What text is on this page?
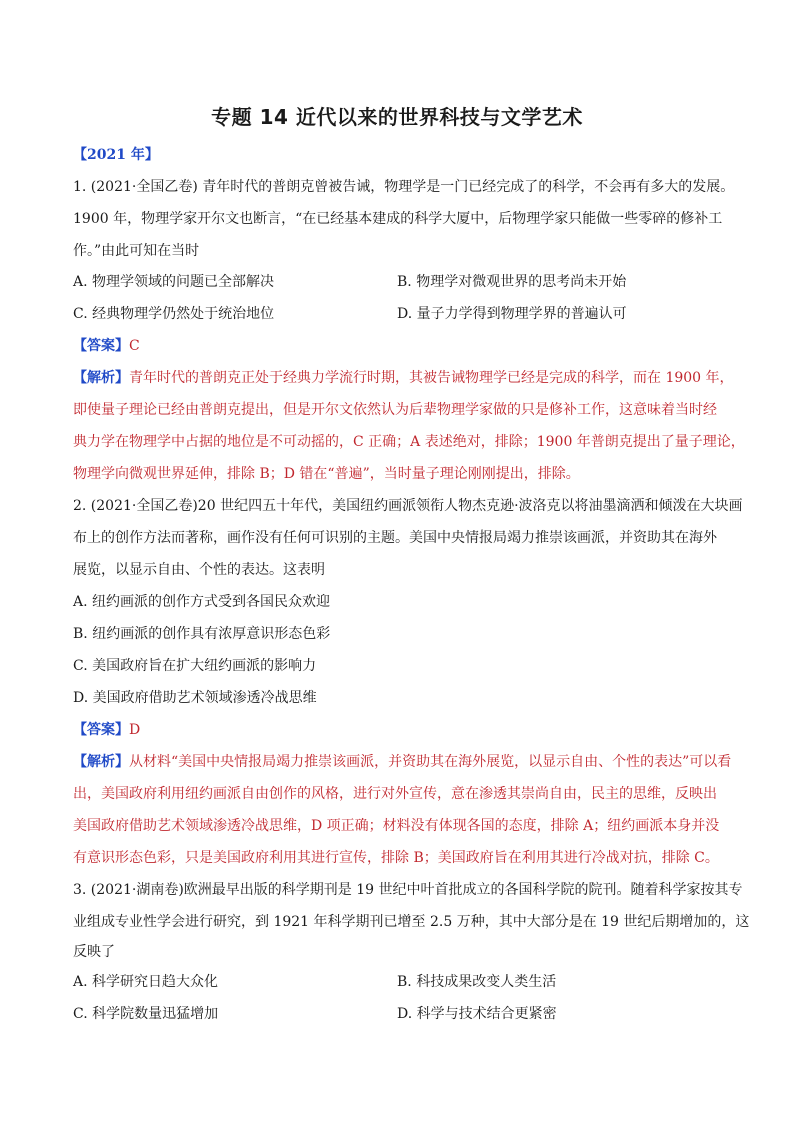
专题 14 近代以来的世界科技与文学艺术
【2021 年】
1. (2021·全国乙卷) 青年时代的普朗克曾被告诫，物理学是一门已经完成了的科学，不会再有多大的发展。
1900 年，物理学家开尔文也断言，“在已经基本建成的科学大厦中，后物理学家只能做一些零碎的修补工
作。”由此可知在当时
A. 物理学领域的问题已全部解决	B. 物理学对微观世界的思考尚未开始
C. 经典物理学仍然处于统治地位	D. 量子力学得到物理学界的普遍认可
【答案】C
【解析】青年时代的普朗克正处于经典力学流行时期，其被告诫物理学已经是完成的科学，而在 1900 年，
即使量子理论已经由普朗克提出，但是开尔文依然认为后辈物理学家做的只是修补工作，这意味着当时经
典力学在物理学中占据的地位是不可动摇的，C 正确；A 表述绝对，排除；1900 年普朗克提出了量子理论，
物理学向微观世界延伸，排除 B；D 错在“普遍”，当时量子理论刚刚提出，排除。
2. (2021·全国乙卷)20 世纪四五十年代，美国纽约画派领衔人物杰克逊·波洛克以将油墨滴洒和倾泼在大块画
布上的创作方法而著称，画作没有任何可识别的主题。美国中央情报局竭力推崇该画派，并资助其在海外
展览，以显示自由、个性的表达。这表明
A. 纽约画派的创作方式受到各国民众欢迎
B. 纽约画派的创作具有浓厚意识形态色彩
C. 美国政府旨在扩大纽约画派的影响力
D. 美国政府借助艺术领域渗透冷战思维
【答案】D
【解析】从材料“美国中央情报局竭力推崇该画派，并资助其在海外展览，以显示自由、个性的表达”可以看
出，美国政府利用纽约画派自由创作的风格，进行对外宣传，意在渗透其崇尚自由，民主的思维，反映出
美国政府借助艺术领域渗透冷战思维，D 项正确；材料没有体现各国的态度，排除 A；纽约画派本身并没
有意识形态色彩，只是美国政府利用其进行宣传，排除 B；美国政府旨在利用其进行冷战对抗，排除 C。
3. (2021·湖南卷)欧洲最早出版的科学期刊是 19 世纪中叶首批成立的各国科学院的院刊。随着科学家按其专
业组成专业性学会进行研究，到 1921 年科学期刊已增至 2.5 万种，其中大部分是在 19 世纪后期增加的，这
反映了
A. 科学研究日趋大众化	B. 科技成果改变人类生活
C. 科学院数量迅猛增加	D. 科学与技术结合更紧密
